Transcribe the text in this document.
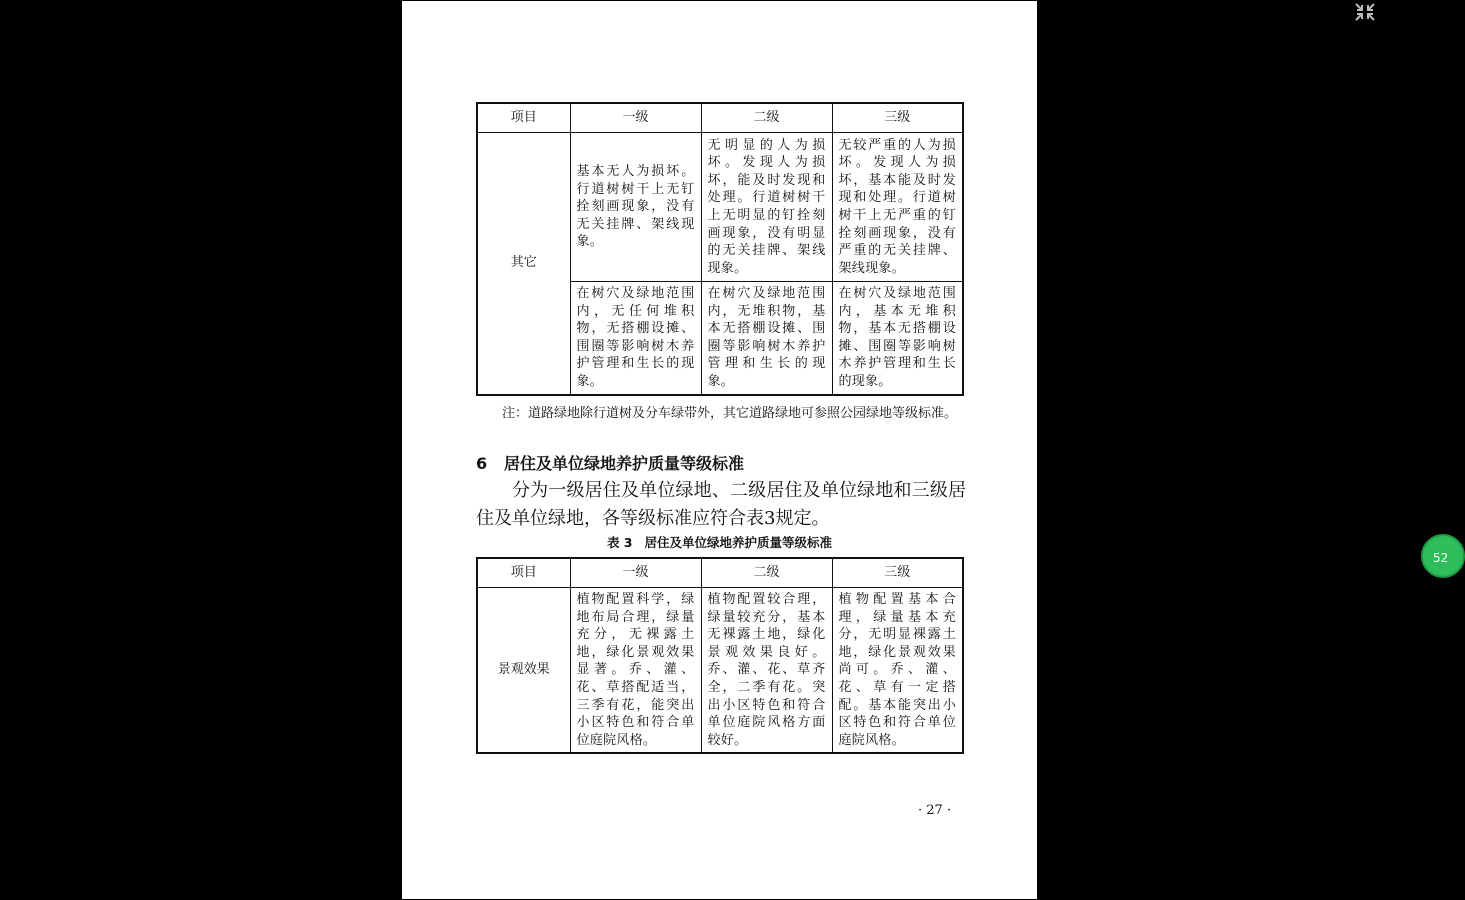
项目	一级	二级	三级
其它	基本无人为损坏。行道树树干上无钉拴刻画现象，没有无关挂牌、架线现象。	无明显的人为损坏。发现人为损坏，能及时发现和处理。行道树树干上无明显的钉拴刻画现象，没有明显的无关挂牌、架线现象。	无较严重的人为损坏。发现人为损坏，基本能及时发现和处理。行道树树干上无严重的钉拴刻画现象，没有严重的无关挂牌、架线现象。
	在树穴及绿地范围内，无任何堆积物，无搭棚设摊、围圈等影响树木养护管理和生长的现象。	在树穴及绿地范围内，无堆积物，基本无搭棚设摊、围圈等影响树木养护管理和生长的现象。	在树穴及绿地范围内，基本无堆积物，基本无搭棚设摊、围圈等影响树木养护管理和生长的现象。
注：道路绿地除行道树及分车绿带外，其它道路绿地可参照公园绿地等级标准。
6 居住及单位绿地养护质量等级标准
分为一级居住及单位绿地、二级居住及单位绿地和三级居住及单位绿地，各等级标准应符合表3规定。
表 3 居住及单位绿地养护质量等级标准
项目	一级	二级	三级
景观效果	植物配置科学，绿地布局合理，绿量充分，无裸露土地，绿化景观效果显著。乔、灌、花、草搭配适当，三季有花，能突出小区特色和符合单位庭院风格。	植物配置较合理，绿量较充分，基本无裸露土地，绿化景观效果良好。乔、灌、花、草齐全，二季有花。突出小区特色和符合单位庭院风格方面较好。	植物配置基本合理，绿量基本充分，无明显裸露土地，绿化景观效果尚可。乔、灌、花、草有一定搭配。基本能突出小区特色和符合单位庭院风格。
· 27 ·
52
